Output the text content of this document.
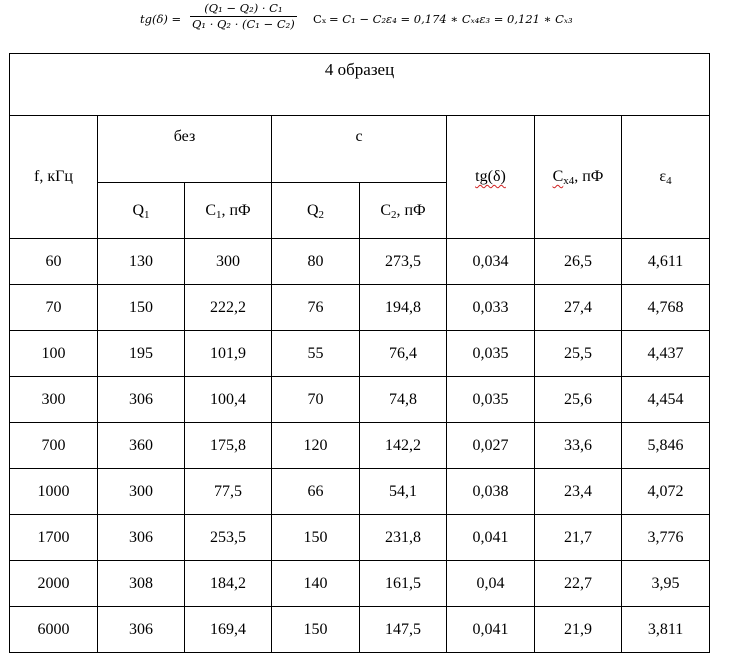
$tg(\delta) = \frac{\text{(Q₁ − Q₂) · C₁}}{\text{Q₁ · Q₂ · (C₁ − C₂)}}$ Cₓ = C₁ − C₂ε₄ = 0,174 ∗ Cₓ₄ε₃ = 0,121 ∗ Cₓ₃
4 образец							
f, кГц	без		с		tg(δ)	$C_{x4}$, пФ	$\varepsilon_4$
	$Q_1$	$C_1$, пФ	$Q_2$	$C_2$, пФ			
60	130	300	80	273,5	0,034	26,5	4,611
70	150	222,2	76	194,8	0,033	27,4	4,768
100	195	101,9	55	76,4	0,035	25,5	4,437
300	306	100,4	70	74,8	0,035	25,6	4,454
700	360	175,8	120	142,2	0,027	33,6	5,846
1000	300	77,5	66	54,1	0,038	23,4	4,072
1700	306	253,5	150	231,8	0,041	21,7	3,776
2000	308	184,2	140	161,5	0,04	22,7	3,95
6000	306	169,4	150	147,5	0,041	21,9	3,811
